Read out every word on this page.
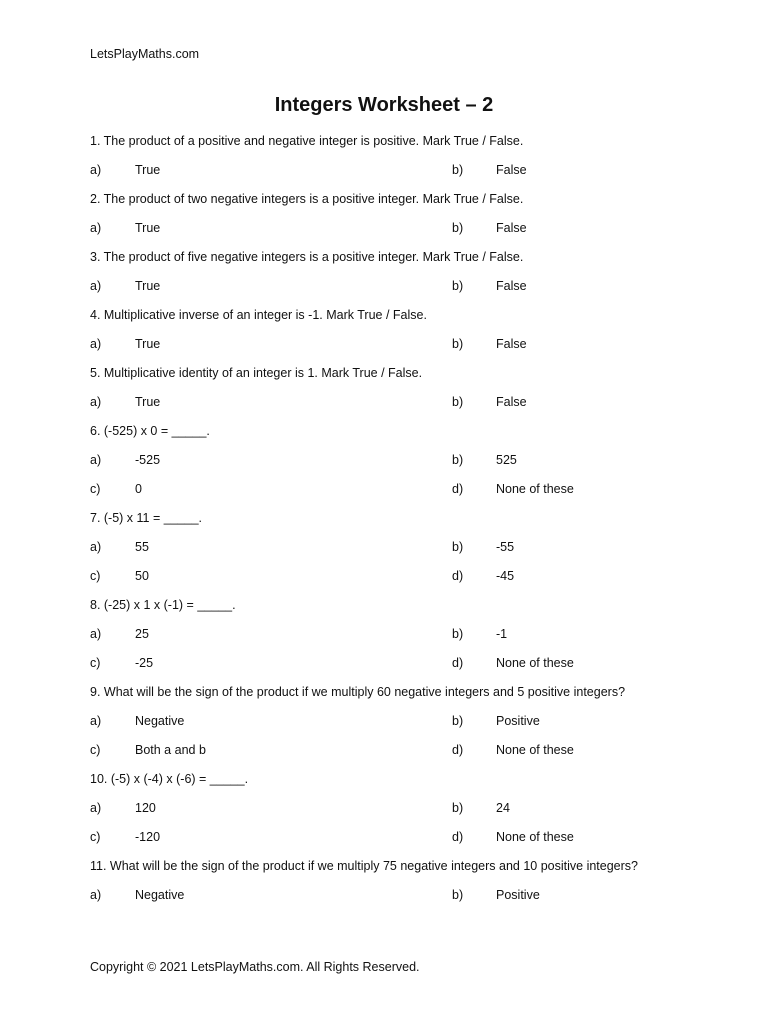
LetsPlayMaths.com
Integers Worksheet – 2
1. The product of a positive and negative integer is positive. Mark True / False.
a)	True	b)	False
2. The product of two negative integers is a positive integer. Mark True / False.
a)	True	b)	False
3. The product of five negative integers is a positive integer. Mark True / False.
a)	True	b)	False
4. Multiplicative inverse of an integer is -1. Mark True / False.
a)	True	b)	False
5. Multiplicative identity of an integer is 1. Mark True / False.
a)	True	b)	False
6. (-525) x 0 = _____.
a)	-525	b)	525
c)	0	d)	None of these
7. (-5) x 11 = _____.
a)	55	b)	-55
c)	50	d)	-45
8. (-25) x 1 x (-1) = _____.
a)	25	b)	-1
c)	-25	d)	None of these
9. What will be the sign of the product if we multiply 60 negative integers and 5 positive integers?
a)	Negative	b)	Positive
c)	Both a and b	d)	None of these
10. (-5) x (-4) x (-6) = _____.
a)	120	b)	24
c)	-120	d)	None of these
11. What will be the sign of the product if we multiply 75 negative integers and 10 positive integers?
a)	Negative	b)	Positive
Copyright © 2021 LetsPlayMaths.com. All Rights Reserved.
